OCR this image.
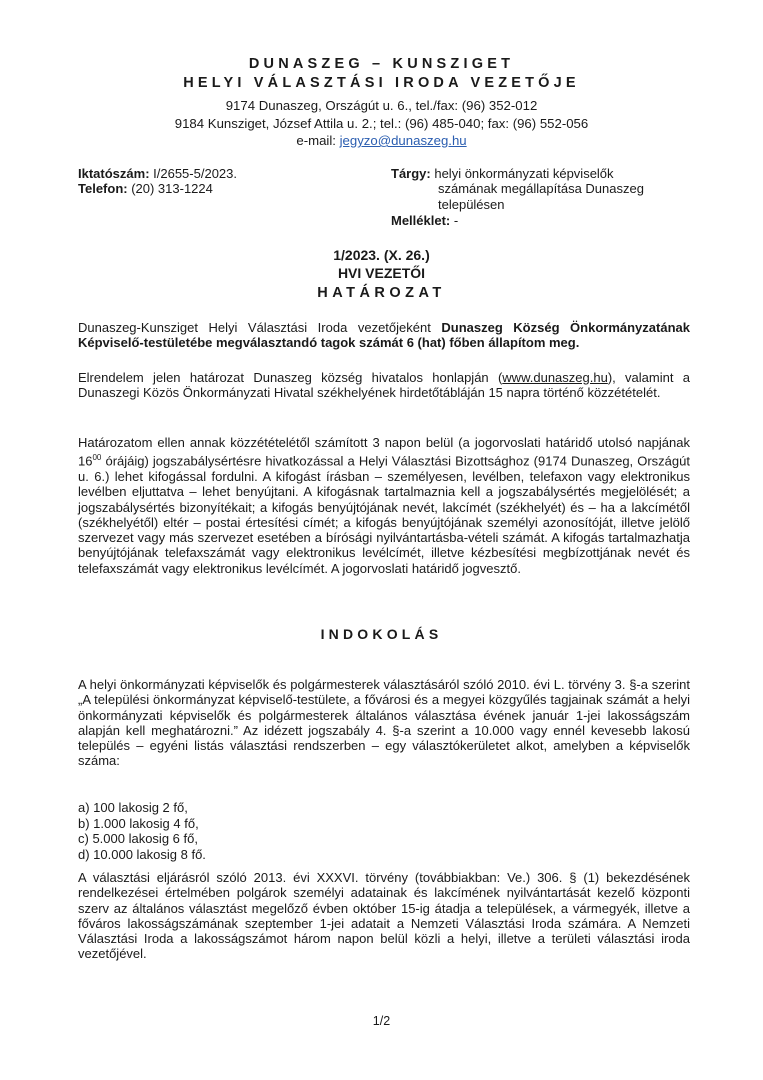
DUNASZEG – KUNSZIGET
HELYI VÁLASZTÁSI IRODA VEZETŐJE
9174 Dunaszeg, Országút u. 6., tel./fax: (96) 352-012
9184 Kunsziget, József Attila u. 2.; tel.: (96) 485-040; fax: (96) 552-056
e-mail: jegyzo@dunaszeg.hu
Iktatószám: I/2655-5/2023.
Telefon: (20) 313-1224
Tárgy: helyi önkormányzati képviselők
számának megállapítása Dunaszeg
településen
Melléklet: -
1/2023. (X. 26.)
HVI VEZETŐI
HATÁROZAT
Dunaszeg-Kunsziget Helyi Választási Iroda vezetőjeként Dunaszeg Község Önkormányzatának Képviselő-testületébe megválasztandó tagok számát 6 (hat) főben állapítom meg.
Elrendelem jelen határozat Dunaszeg község hivatalos honlapján (www.dunaszeg.hu), valamint a Dunaszegi Közös Önkormányzati Hivatal székhelyének hirdetőtábláján 15 napra történő közzétételét.
Határozatom ellen annak közzétételétől számított 3 napon belül (a jogorvoslati határidő utolsó napjának $16^{00}$ órájáig) jogszabálysértésre hivatkozással a Helyi Választási Bizottsághoz (9174 Dunaszeg, Országút u. 6.) lehet kifogással fordulni. A kifogást írásban – személyesen, levélben, telefaxon vagy elektronikus levélben eljuttatva – lehet benyújtani. A kifogásnak tartalmaznia kell a jogszabálysértés megjelölését; a jogszabálysértés bizonyítékait; a kifogás benyújtójának nevét, lakcímét (székhelyét) és – ha a lakcímétől (székhelyétől) eltér – postai értesítési címét; a kifogás benyújtójának személyi azonosítóját, illetve jelölő szervezet vagy más szervezet esetében a bírósági nyilvántartásba-vételi számát. A kifogás tartalmazhatja benyújtójának telefaxszámát vagy elektronikus levélcímét, illetve kézbesítési megbízottjának nevét és telefaxszámát vagy elektronikus levélcímét. A jogorvoslati határidő jogvesztő.
INDOKOLÁS
A helyi önkormányzati képviselők és polgármesterek választásáról szóló 2010. évi L. törvény 3. §-a szerint „A települési önkormányzat képviselő-testülete, a fővárosi és a megyei közgyűlés tagjainak számát a helyi önkormányzati képviselők és polgármesterek általános választása évének január 1-jei lakosságszám alapján kell meghatározni.” Az idézett jogszabály 4. §-a szerint a 10.000 vagy ennél kevesebb lakosú település – egyéni listás választási rendszerben – egy választókerületet alkot, amelyben a képviselők száma:
a) 100 lakosig 2 fő,
b) 1.000 lakosig 4 fő,
c) 5.000 lakosig 6 fő,
d) 10.000 lakosig 8 fő.
A választási eljárásról szóló 2013. évi XXXVI. törvény (továbbiakban: Ve.) 306. § (1) bekezdésének rendelkezései értelmében polgárok személyi adatainak és lakcímének nyilvántartását kezelő központi szerv az általános választást megelőző évben október 15-ig átadja a települések, a vármegyék, illetve a főváros lakosságszámának szeptember 1-jei adatait a Nemzeti Választási Iroda számára. A Nemzeti Választási Iroda a lakosságszámot három napon belül közli a helyi, illetve a területi választási iroda vezetőjével.
1/2
